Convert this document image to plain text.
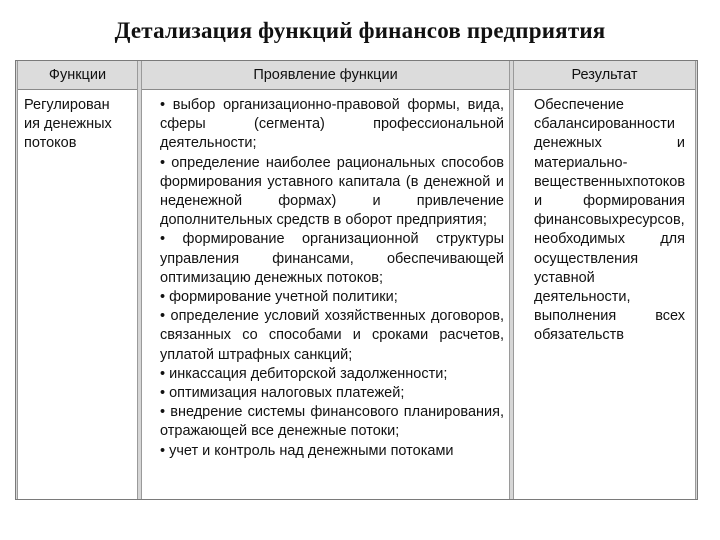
Детализация функций финансов предприятия
Функции
Регулирован
ия денежных
потоков
Проявление функции

• выбор организационно-правовой формы, вида, сферы (сегмента) профессиональной деятельности;

• определение наиболее рациональных способов формирования уставного капитала (в денежной и неденежной формах) и привлечение дополнительных средств в оборот предприятия;

• формирование организационной структуры управления финансами, обеспечивающей оптимизацию денежных потоков;

• формирование учетной политики;

• определение условий хозяйственных договоров, связанных со способами и сроками расчетов, уплатой штрафных санкций;

• инкассация дебиторской задолженности;

• оптимизация налоговых платежей;

• внедрение системы финансового планирования, отражающей все денежные потоки;

• учет и контроль над денежными потоками

Результат

Обеспечение сбалансированности денежных и материально-вещественныхпотоков и формирования финансовыхресурсов, необходимых для осуществления уставной деятельности, выполнения всех обязательств
